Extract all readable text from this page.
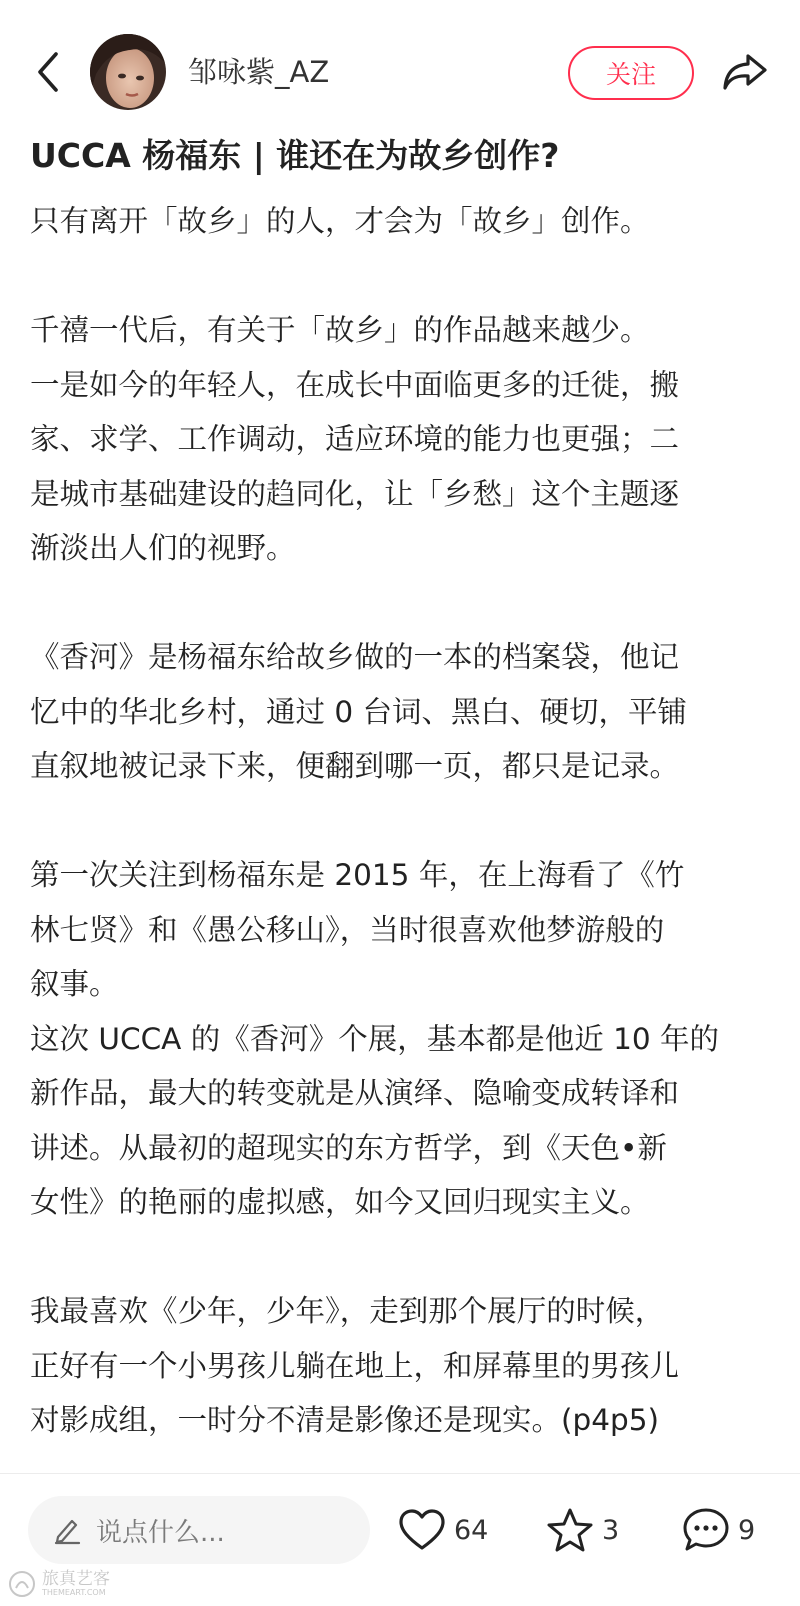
邹咏紫_AZ	关注
UCCA 杨福东 | 谁还在为故乡创作?

只有离开「故乡」的人，才会为「故乡」创作。

千禧一代后，有关于「故乡」的作品越来越少。
一是如今的年轻人，在成长中面临更多的迁徙，搬
家、求学、工作调动，适应环境的能力也更强；二
是城市基础建设的趋同化，让「乡愁」这个主题逐
渐淡出人们的视野。

《香河》是杨福东给故乡做的一本的档案袋，他记
忆中的华北乡村，通过 0 台词、黑白、硬切，平铺
直叙地被记录下来，便翻到哪一页，都只是记录。

第一次关注到杨福东是 2015 年，在上海看了《竹
林七贤》和《愚公移山》，当时很喜欢他梦游般的
叙事。
这次 UCCA 的《香河》个展，基本都是他近 10 年的
新作品，最大的转变就是从演绎、隐喻变成转译和
讲述。从最初的超现实的东方哲学，到《天色•新
女性》的艳丽的虚拟感，如今又回归现实主义。

我最喜欢《少年，少年》，走到那个展厅的时候，
正好有一个小男孩儿躺在地上，和屏幕里的男孩儿
对影成组，一时分不清是影像还是现实。(p4p5)

说点什么...	64	3	9
旅真艺客
THEMEART.COM
